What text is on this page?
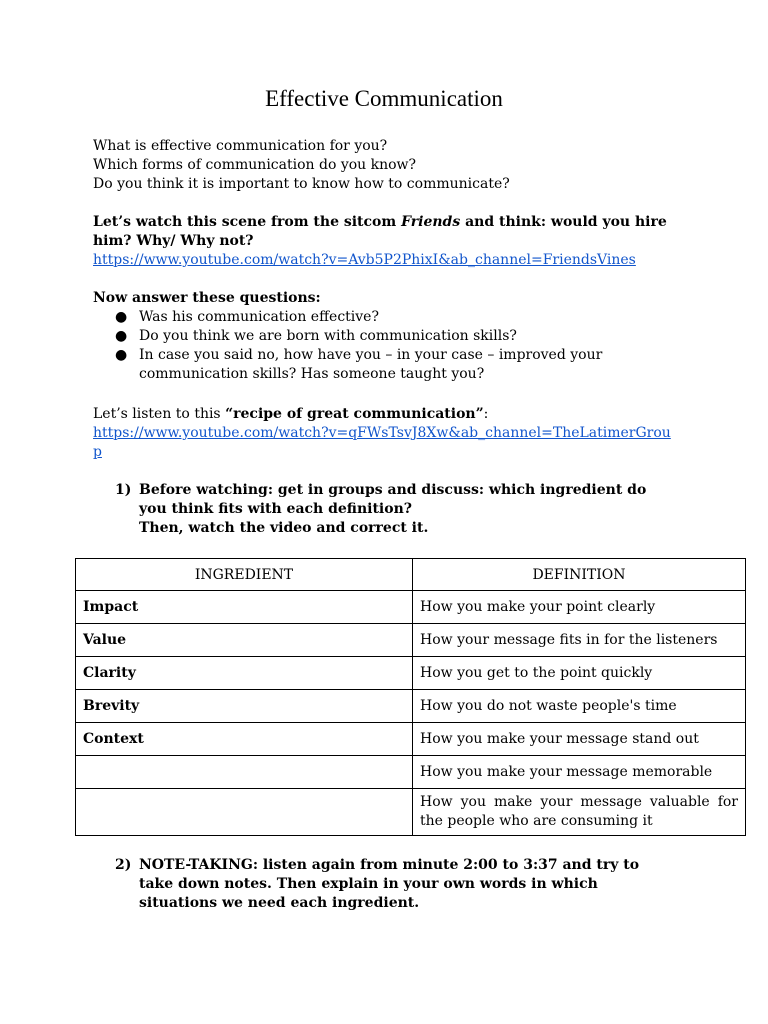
Effective Communication

What is effective communication for you?

Which forms of communication do you know?

Do you think it is important to know how to communicate?

Let’s watch this scene from the sitcom Friends and think: would you hire him? Why/ Why not?
https://www.youtube.com/watch?v=Avb5P2PhixI&ab_channel=FriendsVines
Now answer these questions:
● Was his communication effective?
● Do you think we are born with communication skills?
● In case you said no, how have you – in your case – improved your communication skills? Has someone taught you?
Let’s listen to this “recipe of great communication”:
https://www.youtube.com/watch?v=qFWsTsvJ8Xw&ab_channel=TheLatimerGroup
1) Before watching: get in groups and discuss: which ingredient do you think fits with each definition?
Then, watch the video and correct it.
INGREDIENT	DEFINITION
Impact	How you make your point clearly
Value	How your message fits in for the listeners
Clarity	How you get to the point quickly
Brevity	How you do not waste people's time
Context	How you make your message stand out
	How you make your message memorable
	How you make your message valuable for the people who are consuming it
2) NOTE-TAKING: listen again from minute 2:00 to 3:37 and try to take down notes. Then explain in your own words in which situations we need each ingredient.
